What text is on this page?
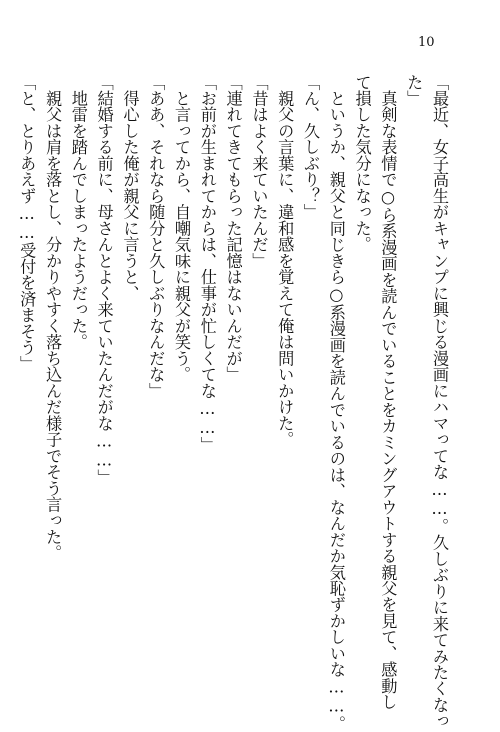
10
「最近、女子高生がキャンプに興じる漫画にハマってな……。久しぶりに来てみたくなっ
た」
　真剣な表情で○ら系漫画を読んでいることをカミングアウトする親父を見て、感動し
て損した気分になった。
　というか、親父と同じきら○系漫画を読んでいるのは、なんだか気恥ずかしいな……。
「ん、久しぶり？」
　親父の言葉に、違和感を覚えて俺は問いかけた。
「昔はよく来ていたんだ」
「連れてきてもらった記憶はないんだが」
「お前が生まれてからは、仕事が忙しくてな……」
　と言ってから、自嘲気味に親父が笑う。
「ああ、それなら随分と久しぶりなんだな」
　得心した俺が親父に言うと、
「結婚する前に、母さんとよく来ていたんだがな……」
　地雷を踏んでしまったようだった。
　親父は肩を落とし、分かりやすく落ち込んだ様子でそう言った。
「と、とりあえず……受付を済まそう」
